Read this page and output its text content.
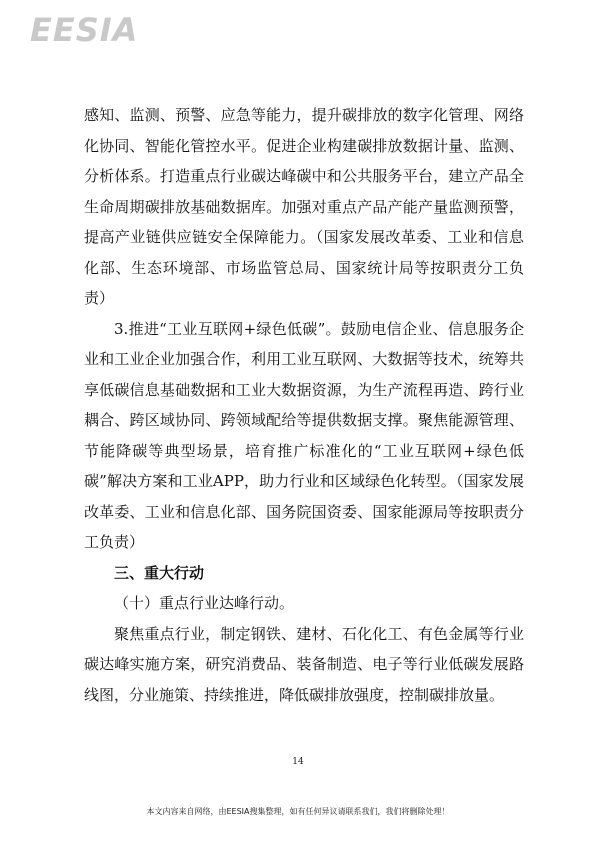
EESIA

感知、监测、预警、应急等能力，提升碳排放的数字化管理、网络化协同、智能化管控水平。促进企业构建碳排放数据计量、监测、分析体系。打造重点行业碳达峰碳中和公共服务平台，建立产品全生命周期碳排放基础数据库。加强对重点产品产能产量监测预警，提高产业链供应链安全保障能力。（国家发展改革委、工业和信息化部、生态环境部、市场监管总局、国家统计局等按职责分工负责）

3.推进“工业互联网+绿色低碳”。鼓励电信企业、信息服务企业和工业企业加强合作，利用工业互联网、大数据等技术，统筹共享低碳信息基础数据和工业大数据资源，为生产流程再造、跨行业耦合、跨区域协同、跨领域配给等提供数据支撑。聚焦能源管理、节能降碳等典型场景，培育推广标准化的“工业互联网+绿色低碳”解决方案和工业APP，助力行业和区域绿色化转型。（国家发展改革委、工业和信息化部、国务院国资委、国家能源局等按职责分工负责）

三、重大行动

（十）重点行业达峰行动。

聚焦重点行业，制定钢铁、建材、石化化工、有色金属等行业碳达峰实施方案，研究消费品、装备制造、电子等行业低碳发展路线图，分业施策、持续推进，降低碳排放强度，控制碳排放量。

14
本文内容来自网络，由EESIA搜集整理，如有任何异议请联系我们，我们将删除处理！
